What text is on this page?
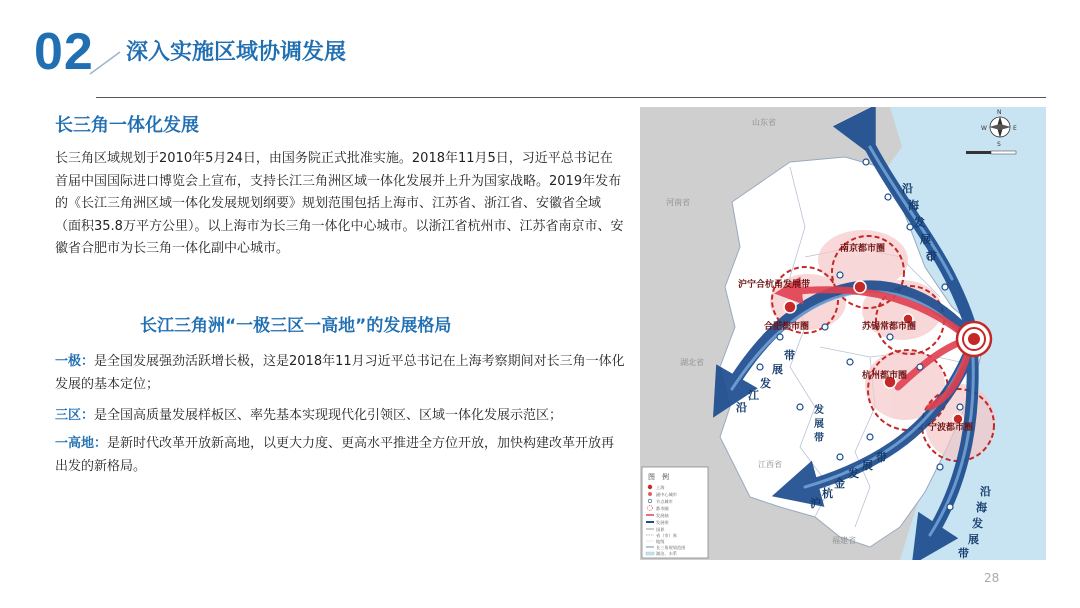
02 深入实施区域协调发展
长三角一体化发展
长三角区域规划于2010年5月24日，由国务院正式批准实施。2018年11月5日，习近平总书记在首届中国国际进口博览会上宣布，支持长江三角洲区域一体化发展并上升为国家战略。2019年发布的《长江三角洲区域一体化发展规划纲要》规划范围包括上海市、江苏省、浙江省、安徽省全域（面积35.8万平方公里）。以上海市为长三角一体化中心城市。以浙江省杭州市、江苏省南京市、安徽省合肥市为长三角一体化副中心城市。
长江三角洲“一极三区一高地”的发展格局
一极：是全国发展强劲活跃增长极，这是2018年11月习近平总书记在上海考察期间对长三角一体化发展的基本定位；
三区：是全国高质量发展样板区、率先基本实现现代化引领区、区域一体化发展示范区；
一高地：是新时代改革开放新高地，以更大力度、更高水平推进全方位开放，加快构建改革开放再出发的新格局。
山东省
河南省
湖北省
江西省
福建省
南京都市圈
沪宁合杭甬发展带
合肥都市圈	苏锡常都市圈
杭州都市圈
宁波都市圈
沿
海
发
展
带
沿
海
发
展
带
沿
江
发
展
带
沪
杭
金
发
展
带
发
展
带
N
S
W	E
图　例
上海
副中心城市
节点城市
都市圈
发展轴
发展带
国界
省（市）界
地级
长三角规划范围
湖泊、水系
28
